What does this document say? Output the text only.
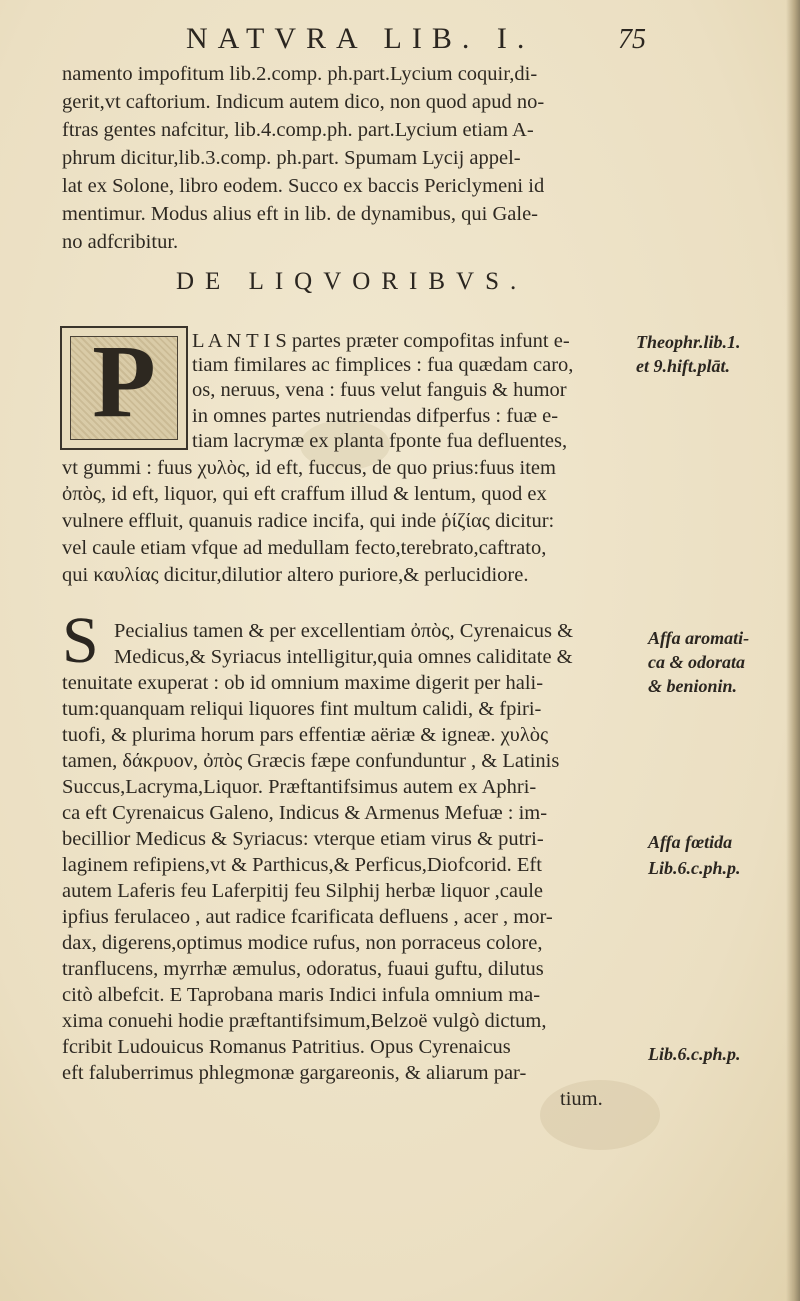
NATVRA LIB. I.	75
namento impofitum lib.2.comp. ph.part.Lycium coquir,di-
gerit,vt caftorium. Indicum autem dico, non quod apud no-
ftras gentes nafcitur, lib.4.comp.ph. part.Lycium etiam A-
phrum dicitur,lib.3.comp. ph.part. Spumam Lycij appel-
lat ex Solone, libro eodem. Succo ex baccis Periclymeni id
mentimur. Modus alius eft in lib. de dynamibus, qui Gale-
no adfcribitur.
DE LIQVORIBVS.
P	L A N T I S partes præter compofitas infunt e-
tiam fimilares ac fimplices : fua quædam caro,
os, neruus, vena : fuus velut fanguis & humor
in omnes partes nutriendas difperfus : fuæ e-
tiam lacrymæ ex planta fponte fua defluentes,
vt gummi : fuus χυλὸς, id eft, fuccus, de quo prius:fuus item
ὀπὸς, id eft, liquor, qui eft craffum illud & lentum, quod ex
vulnere effluit, quanuis radice incifa, qui inde ῥίζίας dicitur:
vel caule etiam vfque ad medullam fecto,terebrato,caftrato,
qui καυλίας dicitur,dilutior altero puriore,& perlucidiore.
S Pecialius tamen & per excellentiam ὀπὸς, Cyrenaicus &
Medicus,& Syriacus intelligitur,quia omnes caliditate &
tenuitate exuperat : ob id omnium maxime digerit per hali-
tum:quanquam reliqui liquores fint multum calidi, & fpiri-
tuofi, & plurima horum pars effentiæ aëriæ & igneæ. χυλὸς
tamen, δάκρυον, ὀπὸς Græcis fæpe confunduntur , & Latinis
Succus,Lacryma,Liquor. Præftantifsimus autem ex Aphri-
ca eft Cyrenaicus Galeno, Indicus & Armenus Mefuæ : im-
becillior Medicus & Syriacus: vterque etiam virus & putri-
laginem refipiens,vt & Parthicus,& Perficus,Diofcorid. Eft
autem Laferis feu Laferpitij feu Silphij herbæ liquor ,caule
ipfius ferulaceo , aut radice fcarificata defluens , acer , mor-
dax, digerens,optimus modice rufus, non porraceus colore,
tranflucens, myrrhæ æmulus, odoratus, fuaui guftu, dilutus
citò albefcit. E Taprobana maris Indici infula omnium ma-
xima conuehi hodie præftantifsimum,Belzoë vulgò dictum,
fcribit Ludouicus Romanus Patritius. Opus Cyrenaicus
eft faluberrimus phlegmonæ gargareonis, & aliarum par-
tium.
Theophr.lib.1.
et 9.hift.plāt.
Affa aromati-
ca & odorata
& benionin.
Affa fœtida
Lib.6.c.ph.p.
Lib.6.c.ph.p.
